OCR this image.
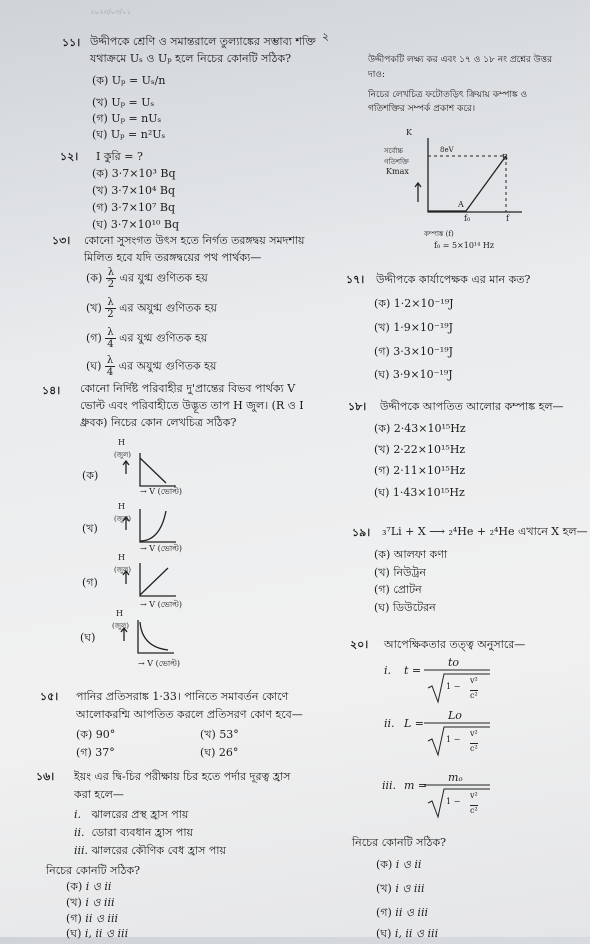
২০২৩/০৩/০১
২
১১। উদ্দীপকে শ্রেণি ও সমান্তরালে তুল্যাঙ্কের সম্ভাব্য শক্তি
যথাক্রমে Uₛ ও Uₚ হলে নিচের কোনটি সঠিক?
(ক) Uₚ = Uₛ/n
(খ) Uₚ = Uₛ
(গ) Uₚ = nUₛ
(ঘ) Uₚ = n²Uₛ
১২। I কুরি = ?
(ক) 3·7×10³ Bq
(খ) 3·7×10⁴ Bq
(গ) 3·7×10⁷ Bq
(ঘ) 3·7×10¹⁰ Bq
১৩। কোনো সুসংগত উৎস হতে নির্গত তরঙ্গদ্বয় সমদশায়
মিলিত হবে যদি তরঙ্গদ্বয়ের পথ পার্থক্য—
(ক) $\frac{\lambda}{2}$ এর যুগ্ম গুণিতক হয়
(খ) $\frac{\lambda}{2}$ এর অযুগ্ম গুণিতক হয়
(গ) $\frac{\lambda}{4}$ এর যুগ্ম গুণিতক হয়
(ঘ) $\frac{\lambda}{4}$ এর অযুগ্ম গুণিতক হয়
১৪। কোনো নির্দিষ্ট পরিবাহীর দু'প্রান্তের বিভব পার্থক্য V
ভোল্ট এবং পরিবাহীতে উদ্ভূত তাপ H জুল। (R ও I
ধ্রুবক) নিচের কোন লেখচিত্র সঠিক?
(ক)
H
(জুল)
→ V (ভোল্ট)
(খ)
H
(জুল)
→ V (ভোল্ট)
(গ)
H
(জুল)
→ V (ভোল্ট)
(ঘ)
H
(জুল)
→ V (ভোল্ট)
১৫। পানির প্রতিসরাঙ্ক 1·33। পানিতে সমাবর্তন কোণে
আলোকরশ্মি আপতিত করলে প্রতিসরণ কোণ হবে—
(ক) 90°	(খ) 53°
(গ) 37°	(ঘ) 26°
১৬। ইয়ং এর দ্বি-চির পরীক্ষায় চির হতে পর্দার দূরত্ব হ্রাস
করা হলে—
i. ঝালরের প্রস্থ হ্রাস পায়
ii. ডোরা ব্যবধান হ্রাস পায়
iii. ঝালরের কৌণিক বেধ হ্রাস পায়
নিচের কোনটি সঠিক?
(ক) i ও ii
(খ) i ও iii
(গ) ii ও iii
(ঘ) i, ii ও iii
উদ্দীপকটি লক্ষ্য কর এবং ১৭ ও ১৮ নং প্রশ্নের উত্তর
দাও:
নিচের লেখচিত্র ফটোতড়িৎ ক্রিয়ায় কম্পাঙ্ক ও
গতিশক্তির সম্পর্ক প্রকাশ করে।
K
সর্বোচ্চ
গতিশক্তি
Kmax
8eV
B
A
f₀	f
কম্পাঙ্ক (f)
f₀ = 5×10¹⁴ Hz
১৭। উদ্দীপকে কার্যাপেক্ষক এর মান কত?
(ক) 1·2×10⁻¹⁹J
(খ) 1·9×10⁻¹⁹J
(গ) 3·3×10⁻¹⁹J
(ঘ) 3·9×10⁻¹⁹J
১৮। উদ্দীপকে আপতিত আলোর কম্পাঙ্ক হল—
(ক) 2·43×10¹⁵Hz
(খ) 2·22×10¹⁵Hz
(গ) 2·11×10¹⁵Hz
(ঘ) 1·43×10¹⁵Hz
১৯। ₃⁷Li + X ⟶ ₂⁴He + ₂⁴He এখানে X হল—
(ক) আলফা কণা
(খ) নিউট্রন
(গ) প্রোটন
(ঘ) ডিউটেরন
২০। আপেক্ষিকতার তত্ত্ব অনুসারে—
i. t =
to
1 −
v²
c²
ii. L =
Lo
1 −
v²
c²
iii. m =
mₒ
1 −
v²
c²
নিচের কোনটি সঠিক?
(ক) i ও ii
(খ) i ও iii
(গ) ii ও iii
(ঘ) i, ii ও iii
